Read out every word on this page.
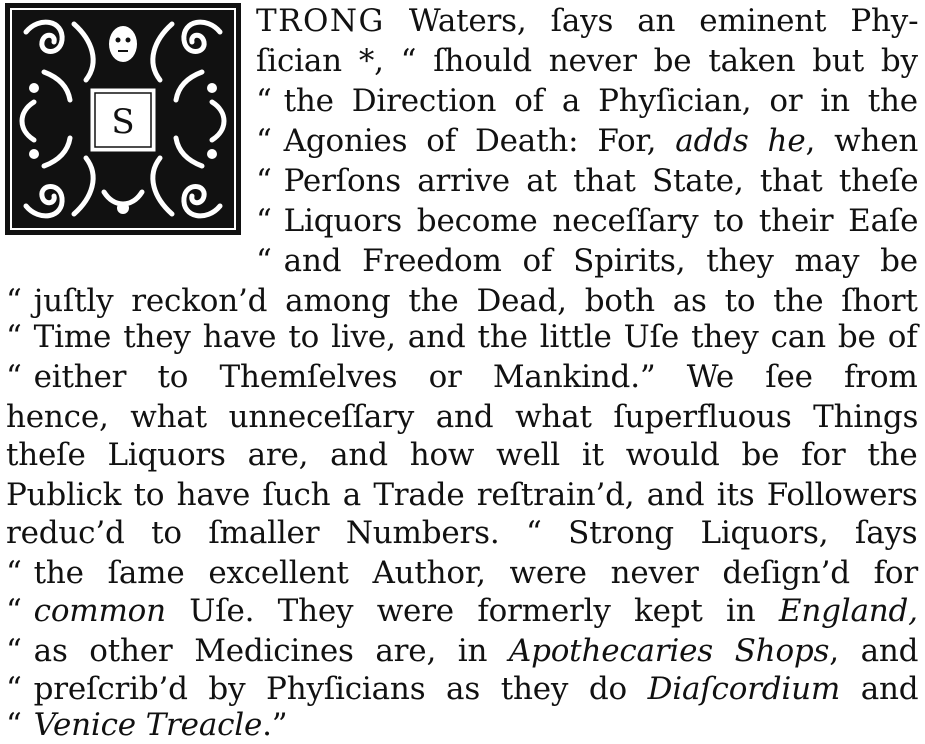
S
TRONG Waters, ſays an eminent Phy-
ſician *, “ ſhould never be taken but by
“ the Direction of a Phyſician, or in the
“ Agonies of Death: For, adds he, when
“ Perſons arrive at that State, that theſe
“ Liquors become neceſſary to their Eaſe
“ and Freedom of Spirits, they may be
“ juſtly reckon’d among the Dead, both as to the ſhort
“ Time they have to live, and the little Uſe they can be of
“ either to Themſelves or Mankind.” We ſee from
hence, what unneceſſary and what ſuperfluous Things
theſe Liquors are, and how well it would be for the
Publick to have ſuch a Trade reſtrain’d, and its Followers
reduc’d to ſmaller Numbers. “ Strong Liquors, ſays
“ the ſame excellent Author, were never deſign’d for
“ common Uſe. They were formerly kept in England,
“ as other Medicines are, in Apothecaries Shops, and
“ preſcrib’d by Phyſicians as they do Diaſcordium and
“ Venice Treacle.”
